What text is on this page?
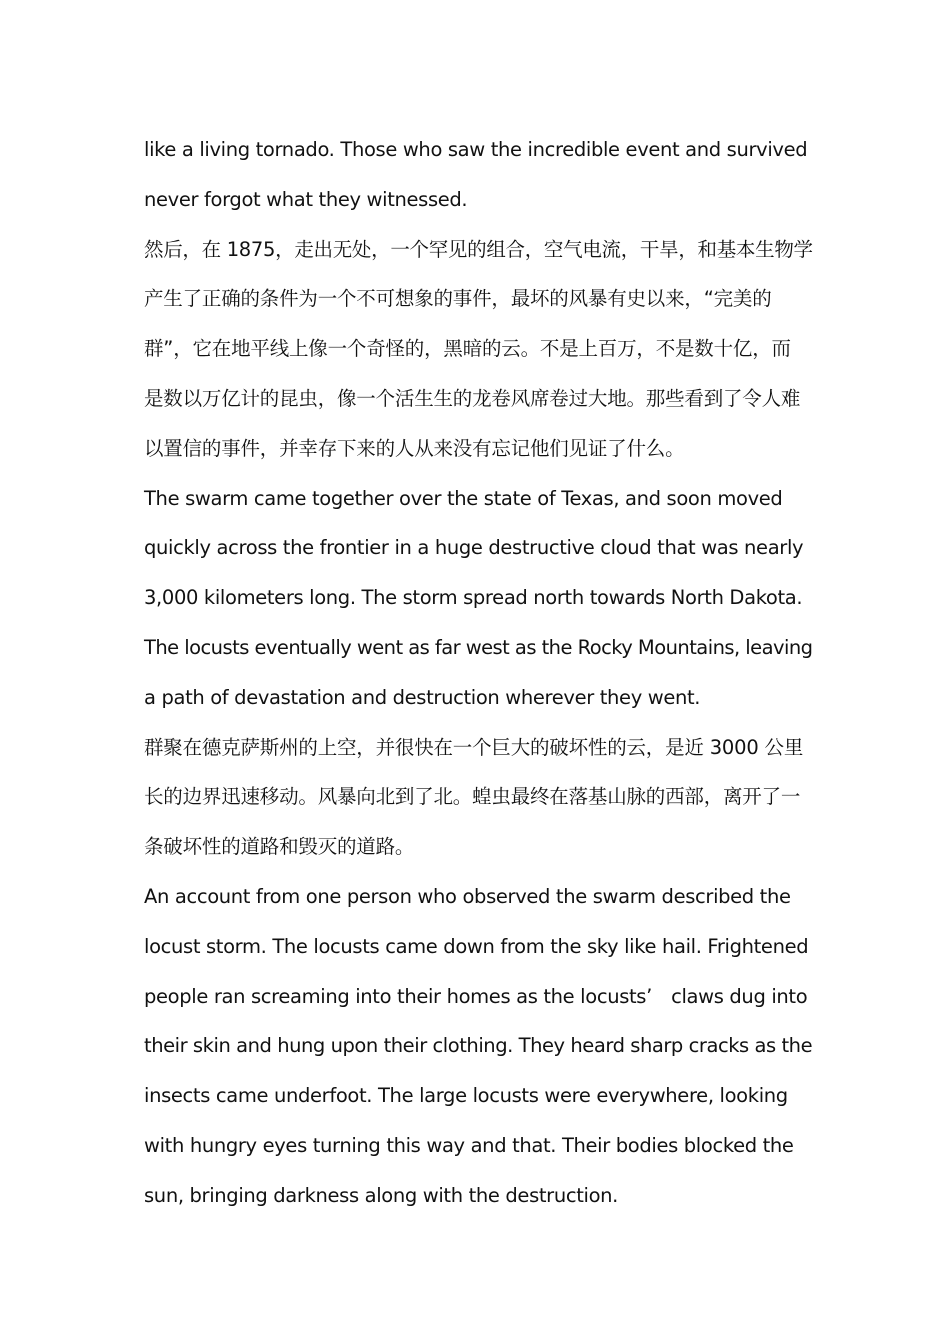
like a living tornado. Those who saw the incredible event and survived
never forgot what they witnessed.
然后，在 1875，走出无处，一个罕见的组合，空气电流，干旱，和基本生物学
产生了正确的条件为一个不可想象的事件，最坏的风暴有史以来，“完美的
群”，它在地平线上像一个奇怪的，黑暗的云。不是上百万，不是数十亿，而
是数以万亿计的昆虫，像一个活生生的龙卷风席卷过大地。那些看到了令人难
以置信的事件，并幸存下来的人从来没有忘记他们见证了什么。
The swarm came together over the state of Texas, and soon moved
quickly across the frontier in a huge destructive cloud that was nearly
3,000 kilometers long. The storm spread north towards North Dakota.
The locusts eventually went as far west as the Rocky Mountains, leaving
a path of devastation and destruction wherever they went.
群聚在德克萨斯州的上空，并很快在一个巨大的破坏性的云，是近 3000 公里
长的边界迅速移动。风暴向北到了北。蝗虫最终在落基山脉的西部，离开了一
条破坏性的道路和毁灭的道路。
An account from one person who observed the swarm described the
locust storm. The locusts came down from the sky like hail. Frightened
people ran screaming into their homes as the locusts’　claws dug into
their skin and hung upon their clothing. They heard sharp cracks as the
insects came underfoot. The large locusts were everywhere, looking
with hungry eyes turning this way and that. Their bodies blocked the
sun, bringing darkness along with the destruction.
